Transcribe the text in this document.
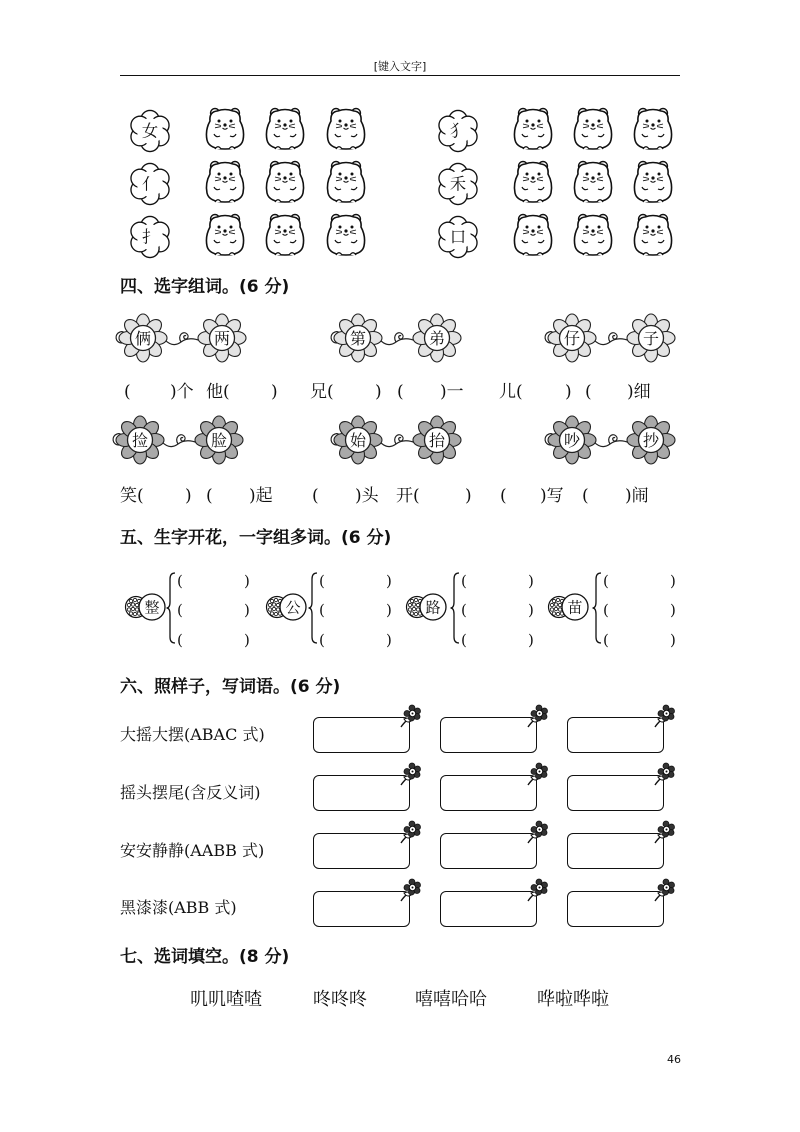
[键入文字]
女
亻
扌
犭
禾
口
四、选字组词。(6 分)
俩	两	第	弟	仔	子
( )个 他( ) 兄( ) ( )一 儿( ) ( )细
捡	脸	始	抬	吵	抄
笑( ) ( )起 ( )头 开(	) ( )写 ( )闹
五、生字开花，一字组多词。(6 分)
整
(	)
(	)
(	)
公
(	)
(	)
(	)
路
(	)
(	)
(	)
苗
(	)
(	)
(	)
六、照样子，写词语。(6 分)
大摇大摆(ABAC 式)
摇头摆尾(含反义词)
安安静静(AABB 式)
黑漆漆(ABB 式)
七、选词填空。(8 分)
叽叽喳喳	咚咚咚	嘻嘻哈哈	哗啦哗啦
46
